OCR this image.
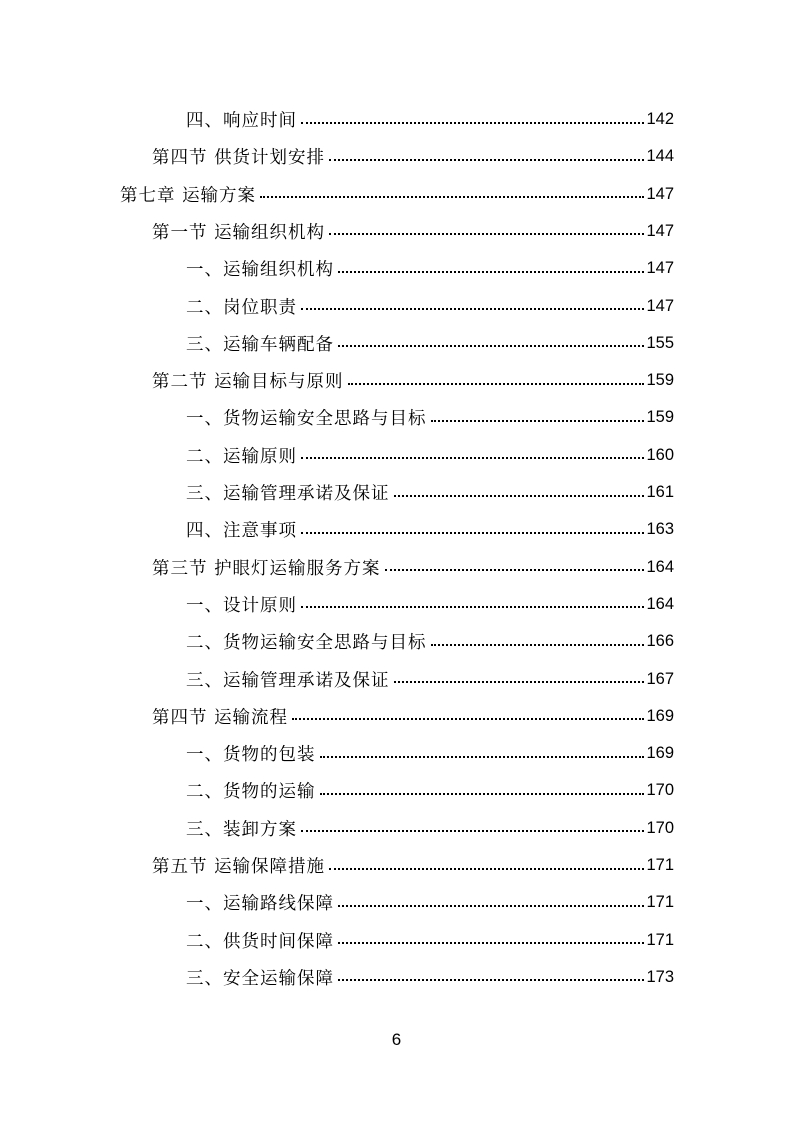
四、响应时间	142
第四节 供货计划安排	144
第七章 运输方案	147
第一节 运输组织机构	147
一、运输组织机构	147
二、岗位职责	147
三、运输车辆配备	155
第二节 运输目标与原则	159
一、货物运输安全思路与目标	159
二、运输原则	160
三、运输管理承诺及保证	161
四、注意事项	163
第三节 护眼灯运输服务方案	164
一、设计原则	164
二、货物运输安全思路与目标	166
三、运输管理承诺及保证	167
第四节 运输流程	169
一、货物的包装	169
二、货物的运输	170
三、装卸方案	170
第五节 运输保障措施	171
一、运输路线保障	171
二、供货时间保障	171
三、安全运输保障	173
6
